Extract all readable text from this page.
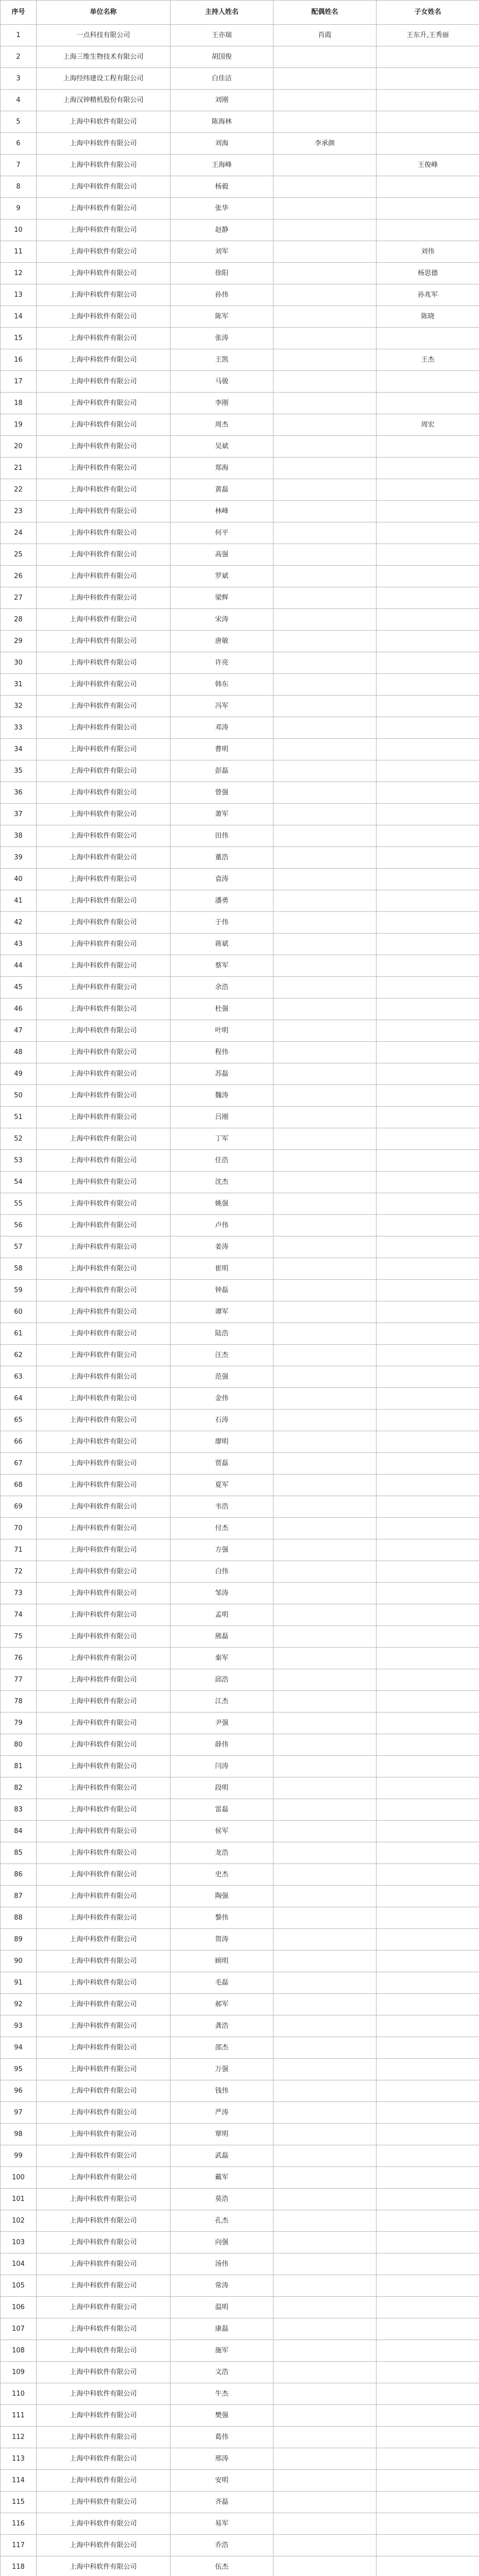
序号	单位名称	主持人姓名	配偶姓名	子女姓名
1	一点科技有限公司	王亦瑞	肖霞	王东升,王秀丽
2	上海三维生物技术有限公司	胡国俊		
3	上海经纬建设工程有限公司	白佳洁		
4	上海汉钟精机股份有限公司	刘刚		
5	上海中科软件有限公司	陈海林		
6	上海中科软件有限公司	刘海	李承颜	
7	上海中科软件有限公司	王海峰		王俊峰
8	上海中科软件有限公司	杨毅		
9	上海中科软件有限公司	张华		
10	上海中科软件有限公司	赵静		
11	上海中科软件有限公司	刘军		刘伟
12	上海中科软件有限公司	徐阳		杨思德
13	上海中科软件有限公司	孙伟		孙兆军
14	上海中科软件有限公司	陈军		陈晓
15	上海中科软件有限公司	张涛		
16	上海中科软件有限公司	王凯		王杰
17	上海中科软件有限公司	马骏		
18	上海中科软件有限公司	李刚		
19	上海中科软件有限公司	周杰		周宏
20	上海中科软件有限公司	吴斌		
21	上海中科软件有限公司	郑海		
22	上海中科软件有限公司	黄磊		
23	上海中科软件有限公司	林峰		
24	上海中科软件有限公司	何平		
25	上海中科软件有限公司	高强		
26	上海中科软件有限公司	罗斌		
27	上海中科软件有限公司	梁辉		
28	上海中科软件有限公司	宋涛		
29	上海中科软件有限公司	唐敏		
30	上海中科软件有限公司	许亮		
31	上海中科软件有限公司	韩东		
32	上海中科软件有限公司	冯军		
33	上海中科软件有限公司	邓涛		
34	上海中科软件有限公司	曹明		
35	上海中科软件有限公司	彭磊		
36	上海中科软件有限公司	曾强		
37	上海中科软件有限公司	萧军		
38	上海中科软件有限公司	田伟		
39	上海中科软件有限公司	董浩		
40	上海中科软件有限公司	袁涛		
41	上海中科软件有限公司	潘勇		
42	上海中科软件有限公司	于伟		
43	上海中科软件有限公司	蒋斌		
44	上海中科软件有限公司	蔡军		
45	上海中科软件有限公司	余浩		
46	上海中科软件有限公司	杜强		
47	上海中科软件有限公司	叶明		
48	上海中科软件有限公司	程伟		
49	上海中科软件有限公司	苏磊		
50	上海中科软件有限公司	魏涛		
51	上海中科软件有限公司	吕刚		
52	上海中科软件有限公司	丁军		
53	上海中科软件有限公司	任浩		
54	上海中科软件有限公司	沈杰		
55	上海中科软件有限公司	姚强		
56	上海中科软件有限公司	卢伟		
57	上海中科软件有限公司	姜涛		
58	上海中科软件有限公司	崔明		
59	上海中科软件有限公司	钟磊		
60	上海中科软件有限公司	谭军		
61	上海中科软件有限公司	陆浩		
62	上海中科软件有限公司	汪杰		
63	上海中科软件有限公司	范强		
64	上海中科软件有限公司	金伟		
65	上海中科软件有限公司	石涛		
66	上海中科软件有限公司	廖明		
67	上海中科软件有限公司	贾磊		
68	上海中科软件有限公司	夏军		
69	上海中科软件有限公司	韦浩		
70	上海中科软件有限公司	付杰		
71	上海中科软件有限公司	方强		
72	上海中科软件有限公司	白伟		
73	上海中科软件有限公司	邹涛		
74	上海中科软件有限公司	孟明		
75	上海中科软件有限公司	熊磊		
76	上海中科软件有限公司	秦军		
77	上海中科软件有限公司	邱浩		
78	上海中科软件有限公司	江杰		
79	上海中科软件有限公司	尹强		
80	上海中科软件有限公司	薛伟		
81	上海中科软件有限公司	闫涛		
82	上海中科软件有限公司	段明		
83	上海中科软件有限公司	雷磊		
84	上海中科软件有限公司	侯军		
85	上海中科软件有限公司	龙浩		
86	上海中科软件有限公司	史杰		
87	上海中科软件有限公司	陶强		
88	上海中科软件有限公司	黎伟		
89	上海中科软件有限公司	贺涛		
90	上海中科软件有限公司	顾明		
91	上海中科软件有限公司	毛磊		
92	上海中科软件有限公司	郝军		
93	上海中科软件有限公司	龚浩		
94	上海中科软件有限公司	邵杰		
95	上海中科软件有限公司	万强		
96	上海中科软件有限公司	钱伟		
97	上海中科软件有限公司	严涛		
98	上海中科软件有限公司	覃明		
99	上海中科软件有限公司	武磊		
100	上海中科软件有限公司	戴军		
101	上海中科软件有限公司	莫浩		
102	上海中科软件有限公司	孔杰		
103	上海中科软件有限公司	向强		
104	上海中科软件有限公司	汤伟		
105	上海中科软件有限公司	常涛		
106	上海中科软件有限公司	温明		
107	上海中科软件有限公司	康磊		
108	上海中科软件有限公司	施军		
109	上海中科软件有限公司	文浩		
110	上海中科软件有限公司	牛杰		
111	上海中科软件有限公司	樊强		
112	上海中科软件有限公司	葛伟		
113	上海中科软件有限公司	邢涛		
114	上海中科软件有限公司	安明		
115	上海中科软件有限公司	齐磊		
116	上海中科软件有限公司	易军		
117	上海中科软件有限公司	乔浩		
118	上海中科软件有限公司	伍杰		
